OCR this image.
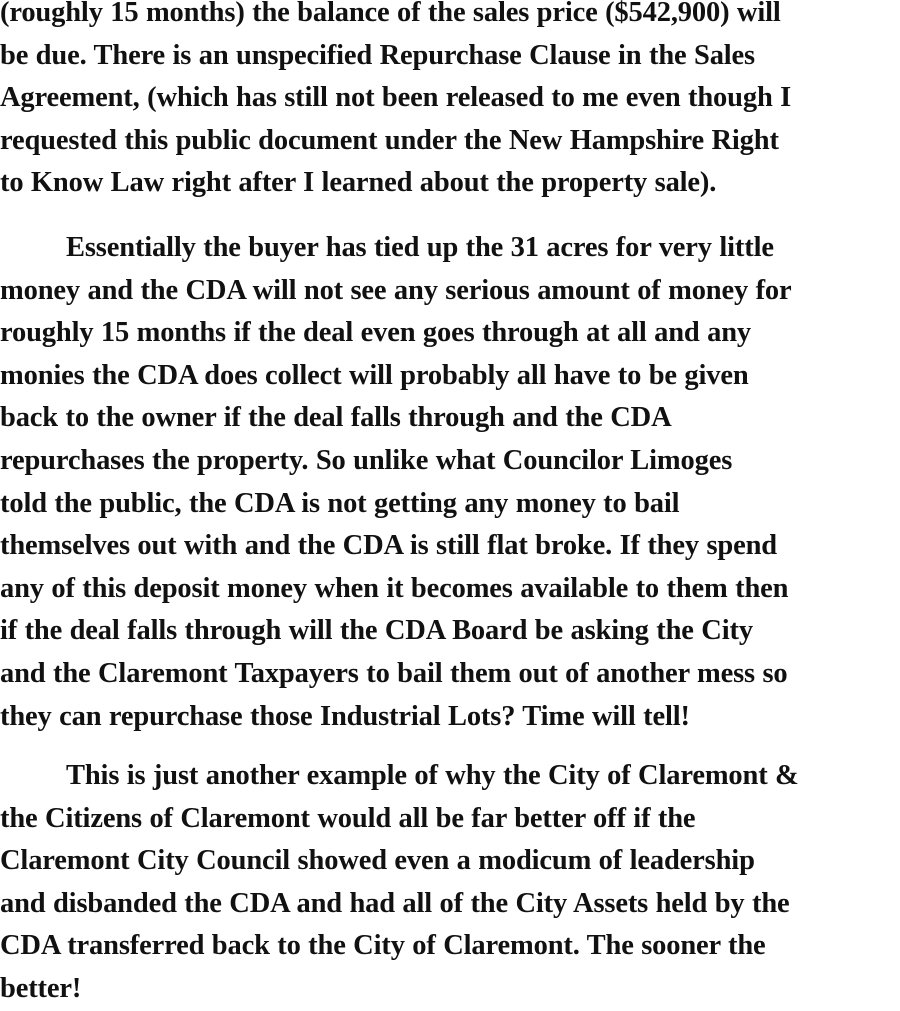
(roughly 15 months) the balance of the sales price ($542,900) will
be due. There is an unspecified Repurchase Clause in the Sales
Agreement, (which has still not been released to me even though I
requested this public document under the New Hampshire Right
to Know Law right after I learned about the property sale).
Essentially the buyer has tied up the 31 acres for very little
money and the CDA will not see any serious amount of money for
roughly 15 months if the deal even goes through at all and any
monies the CDA does collect will probably all have to be given
back to the owner if the deal falls through and the CDA
repurchases the property. So unlike what Councilor Limoges
told the public, the CDA is not getting any money to bail
themselves out with and the CDA is still flat broke. If they spend
any of this deposit money when it becomes available to them then
if the deal falls through will the CDA Board be asking the City
and the Claremont Taxpayers to bail them out of another mess so
they can repurchase those Industrial Lots? Time will tell!
This is just another example of why the City of Claremont &
the Citizens of Claremont would all be far better off if the
Claremont City Council showed even a modicum of leadership
and disbanded the CDA and had all of the City Assets held by the
CDA transferred back to the City of Claremont. The sooner the
better!
